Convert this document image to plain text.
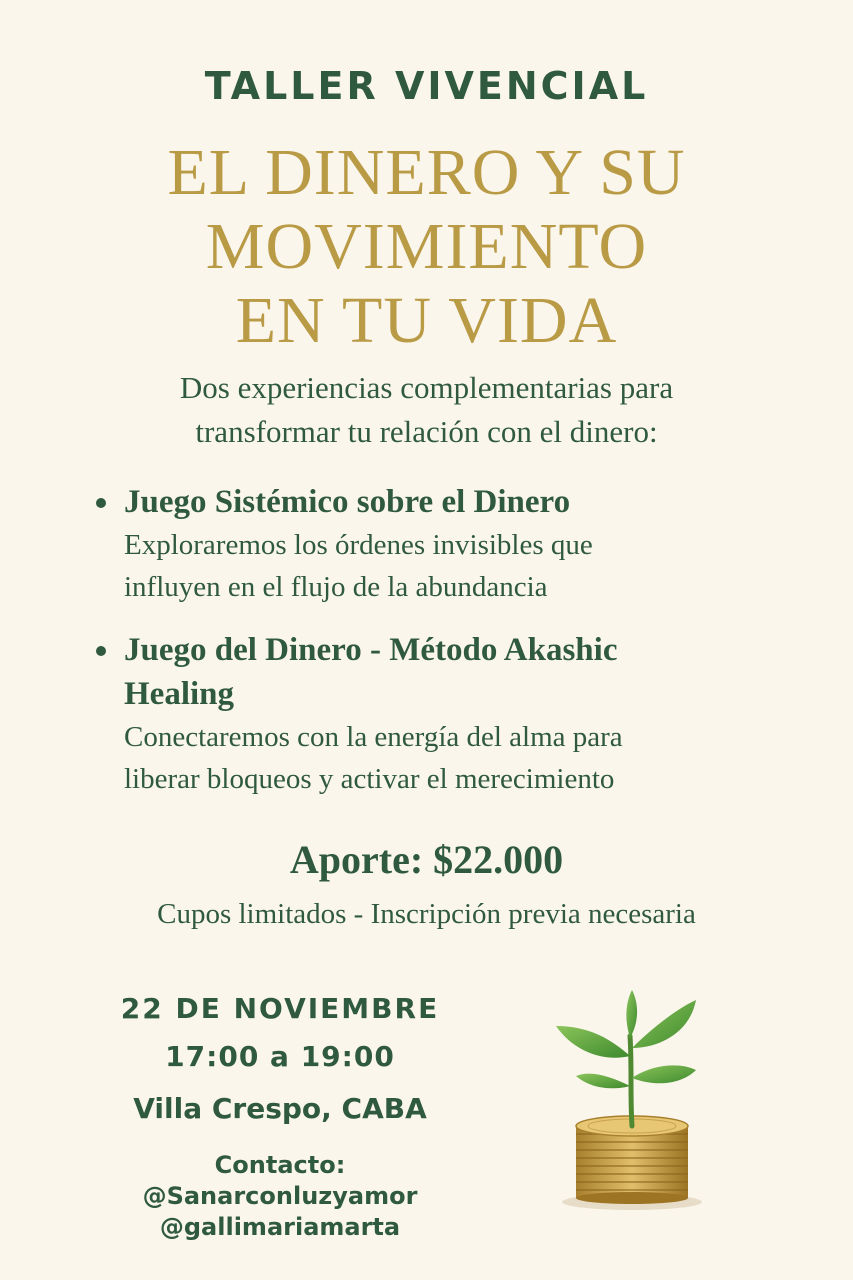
TALLER VIVENCIAL
EL DINERO Y SU
MOVIMIENTO
EN TU VIDA
Dos experiencias complementarias para
transformar tu relación con el dinero:
Juego Sistémico sobre el Dinero
Exploraremos los órdenes invisibles que
influyen en el flujo de la abundancia
Juego del Dinero - Método Akashic
Healing
Conectaremos con la energía del alma para
liberar bloqueos y activar el merecimiento
Aporte: $22.000
Cupos limitados - Inscripción previa necesaria
22 DE NOVIEMBRE
17:00 a 19:00
Villa Crespo, CABA
Contacto:
@Sanarconluzyamor
@gallimariamarta
